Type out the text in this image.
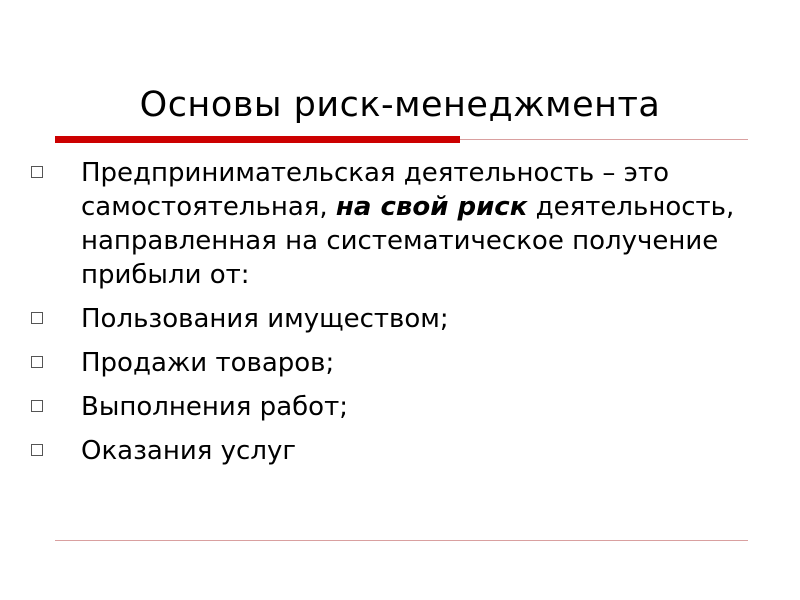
Основы риск-менеджмента
Предпринимательская деятельность – это самостоятельная, на свой риск деятельность, направленная на систематическое получение прибыли от:
Пользования имуществом;
Продажи товаров;
Выполнения работ;
Оказания услуг
